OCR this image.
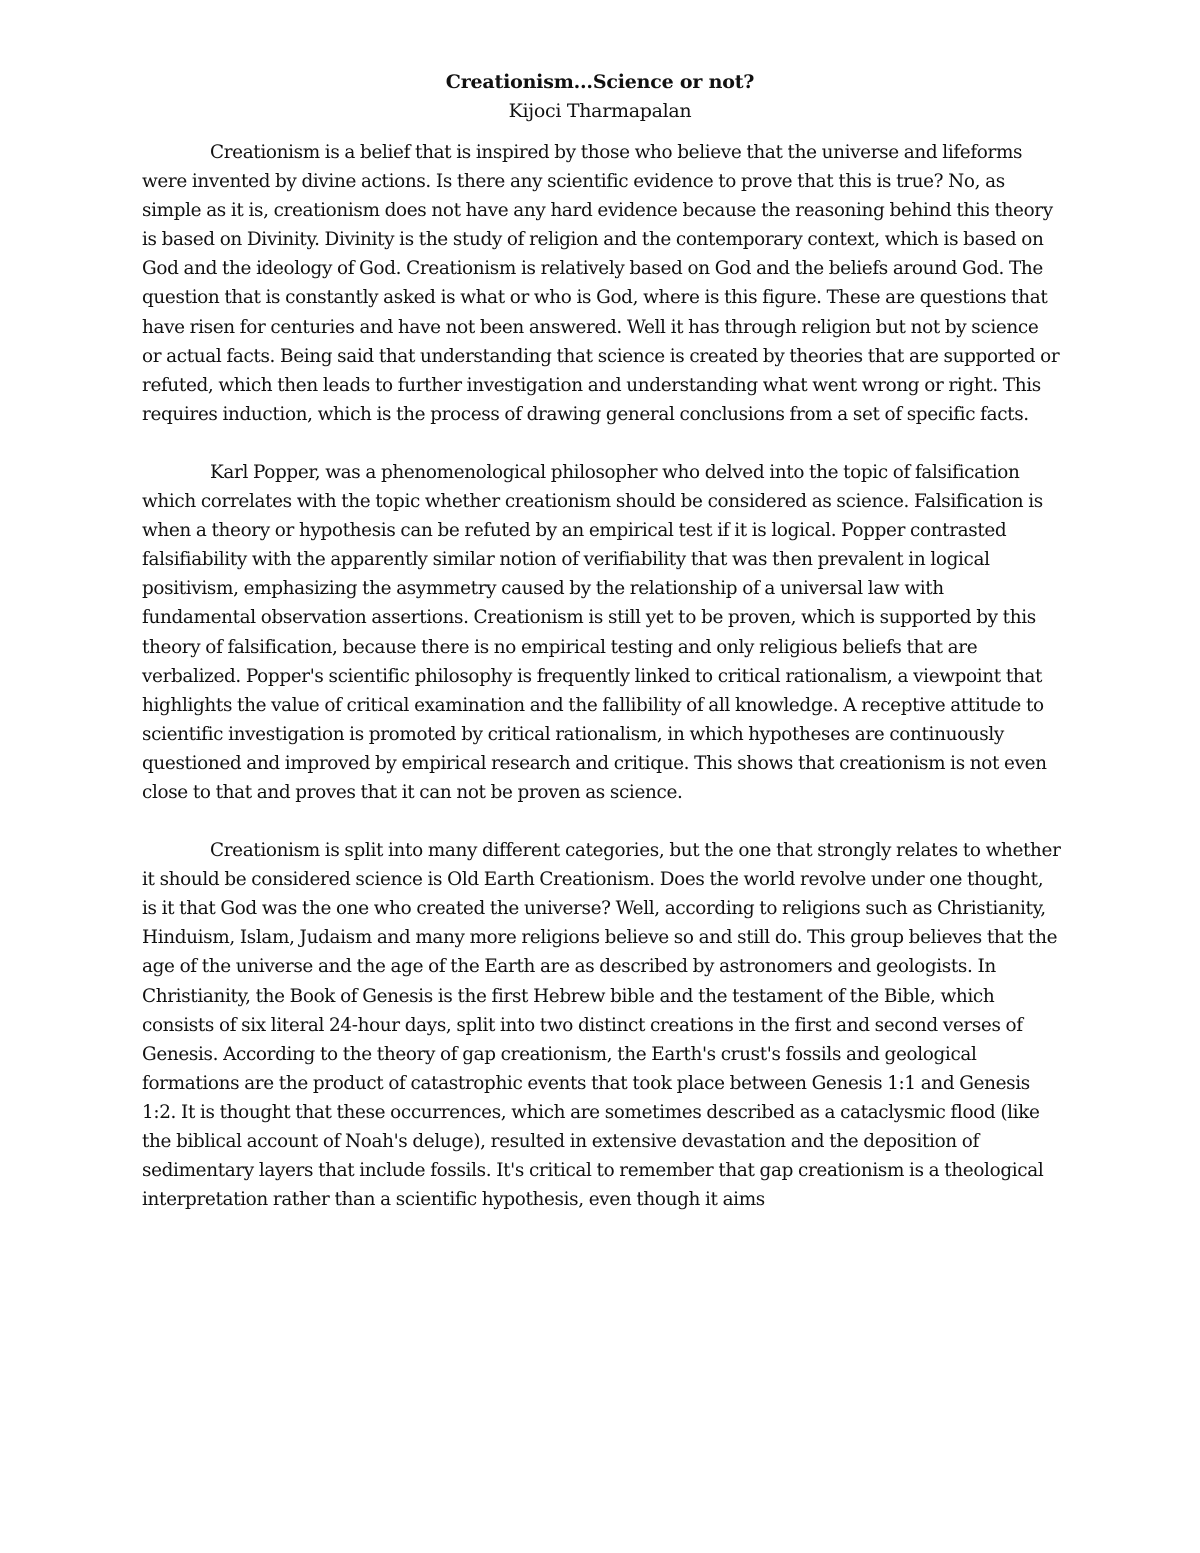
Creationism...Science or not?

Kijoci Tharmapalan

Creationism is a belief that is inspired by those who believe that the universe and lifeforms were invented by divine actions. Is there any scientific evidence to prove that this is true? No, as simple as it is, creationism does not have any hard evidence because the reasoning behind this theory is based on Divinity. Divinity is the study of religion and the contemporary context, which is based on God and the ideology of God. Creationism is relatively based on God and the beliefs around God. The question that is constantly asked is what or who is God, where is this figure. These are questions that have risen for centuries and have not been answered. Well it has through religion but not by science or actual facts. Being said that understanding that science is created by theories that are supported or refuted, which then leads to further investigation and understanding what went wrong or right. This requires induction, which is the process of drawing general conclusions from a set of specific facts.

Karl Popper, was a phenomenological philosopher who delved into the topic of falsification which correlates with the topic whether creationism should be considered as science. Falsification is when a theory or hypothesis can be refuted by an empirical test if it is logical. Popper contrasted falsifiability with the apparently similar notion of verifiability that was then prevalent in logical positivism, emphasizing the asymmetry caused by the relationship of a universal law with fundamental observation assertions. Creationism is still yet to be proven, which is supported by this theory of falsification, because there is no empirical testing and only religious beliefs that are verbalized. Popper's scientific philosophy is frequently linked to critical rationalism, a viewpoint that highlights the value of critical examination and the fallibility of all knowledge. A receptive attitude to scientific investigation is promoted by critical rationalism, in which hypotheses are continuously questioned and improved by empirical research and critique. This shows that creationism is not even close to that and proves that it can not be proven as science.

Creationism is split into many different categories, but the one that strongly relates to whether it should be considered science is Old Earth Creationism. Does the world revolve under one thought, is it that God was the one who created the universe? Well, according to religions such as Christianity, Hinduism, Islam, Judaism and many more religions believe so and still do. This group believes that the age of the universe and the age of the Earth are as described by astronomers and geologists. In Christianity, the Book of Genesis is the first Hebrew bible and the testament of the Bible, which consists of six literal 24-hour days, split into two distinct creations in the first and second verses of Genesis. According to the theory of gap creationism, the Earth's crust's fossils and geological formations are the product of catastrophic events that took place between Genesis 1:1 and Genesis 1:2. It is thought that these occurrences, which are sometimes described as a cataclysmic flood (like the biblical account of Noah's deluge), resulted in extensive devastation and the deposition of sedimentary layers that include fossils. It's critical to remember that gap creationism is a theological interpretation rather than a scientific hypothesis, even though it aims
